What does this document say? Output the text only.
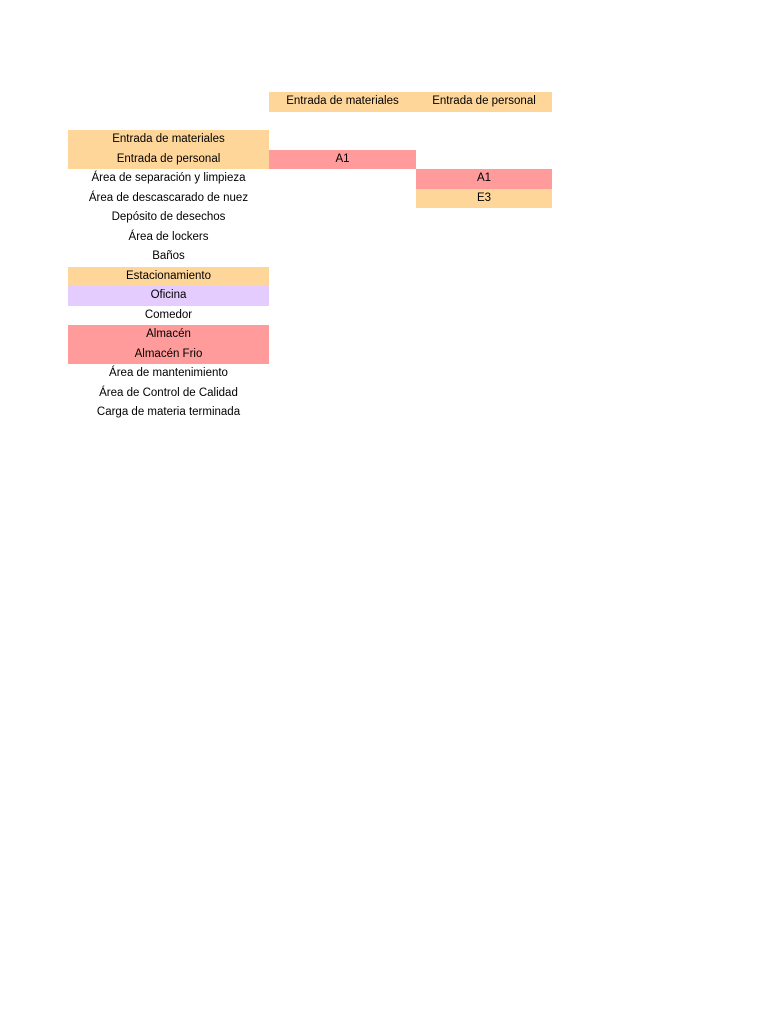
Entrada de materiales	Entrada de personal
Entrada de materiales
Entrada de personal
Área de separación y limpieza
Área de descascarado de nuez
Depósito de desechos
Área de lockers
Baños
Estacionamiento
Oficina
Comedor
Almacén
Almacén Frio
Área de mantenimiento
Área de Control de Calidad
Carga de materia terminada
A1
A1
E3
